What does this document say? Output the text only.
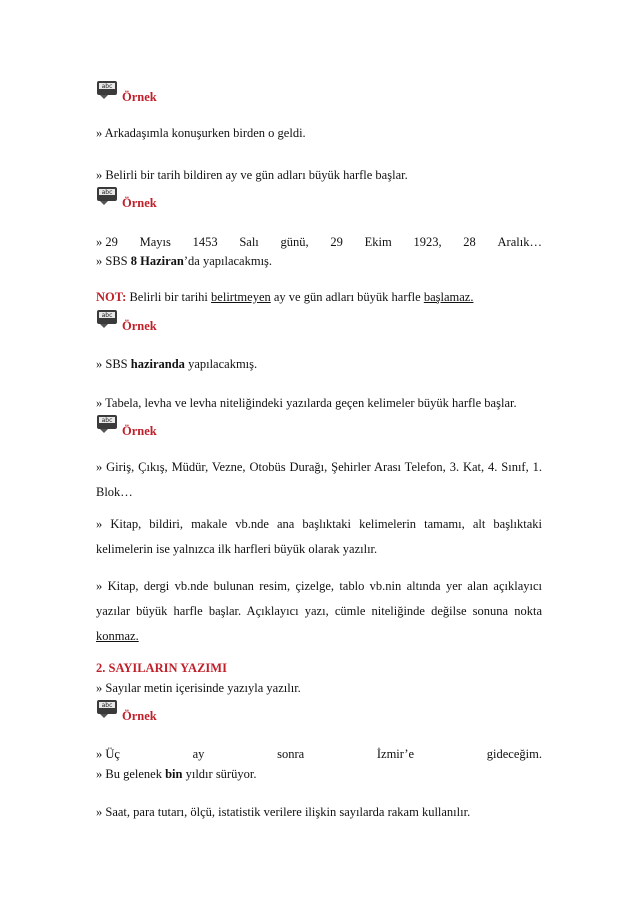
abc
Örnek
» Arkadaşımla konuşurken birden o geldi.
» Belirli bir tarih bildiren ay ve gün adları büyük harfle başlar.
abc
Örnek
» 29 Mayıs 1453 Salı günü, 29 Ekim 1923, 28 Aralık…
» SBS 8 Haziran’da yapılacakmış.
NOT: Belirli bir tarihi belirtmeyen ay ve gün adları büyük harfle başlamaz.
abc
Örnek
» SBS haziranda yapılacakmış.
» Tabela, levha ve levha niteliğindeki yazılarda geçen kelimeler büyük harfle başlar.
abc
Örnek
» Giriş, Çıkış, Müdür, Vezne, Otobüs Durağı, Şehirler Arası Telefon, 3. Kat, 4. Sınıf, 1. Blok…
» Kitap, bildiri, makale vb.nde ana başlıktaki kelimelerin tamamı, alt başlıktaki kelimelerin ise yalnızca ilk harfleri büyük olarak yazılır.
» Kitap, dergi vb.nde bulunan resim, çizelge, tablo vb.nin altında yer alan açıklayıcı yazılar büyük harfle başlar. Açıklayıcı yazı, cümle niteliğinde değilse sonuna nokta konmaz.
2. SAYILARIN YAZIMI
» Sayılar metin içerisinde yazıyla yazılır.
abc
Örnek
» Üç	ay	sonra	İzmir’e	gideceğim.
» Bu gelenek bin yıldır sürüyor.
» Saat, para tutarı, ölçü, istatistik verilere ilişkin sayılarda rakam kullanılır.
